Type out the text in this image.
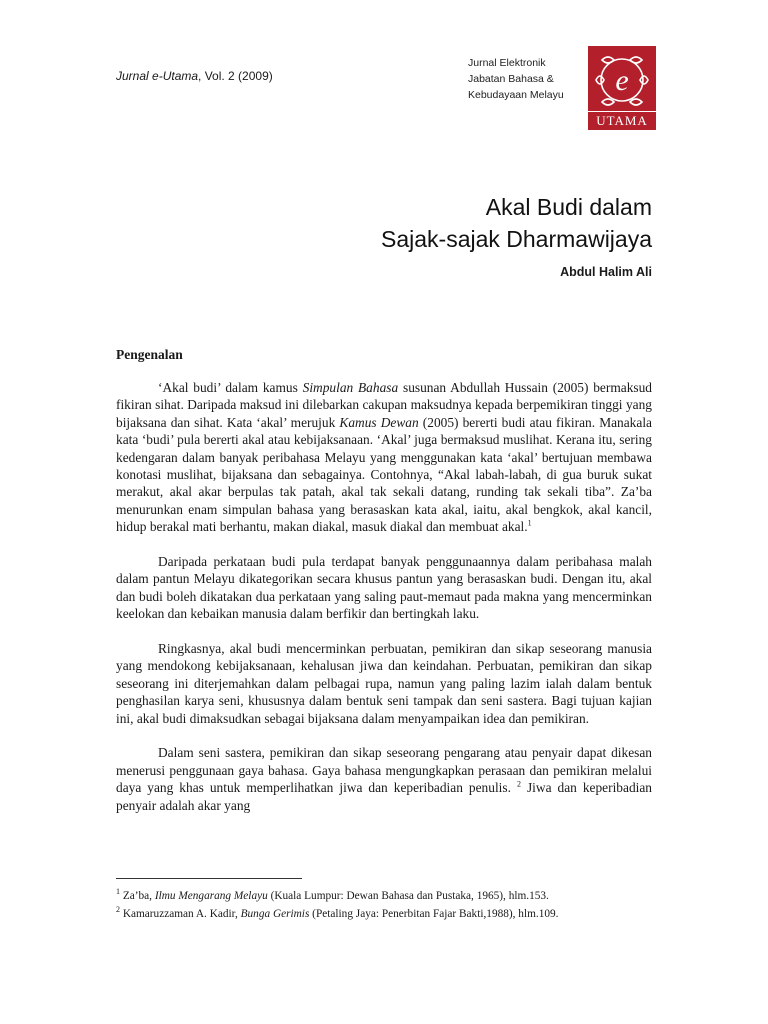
Jurnal e-Utama, Vol. 2 (2009)
Jurnal Elektronik
Jabatan Bahasa &
Kebudayaan Melayu	e
UTAMA
Akal Budi dalam
Sajak-sajak Dharmawijaya
Abdul Halim Ali
Pengenalan

‘Akal budi’ dalam kamus Simpulan Bahasa susunan Abdullah Hussain (2005) bermaksud fikiran sihat. Daripada maksud ini dilebarkan cakupan maksudnya kepada berpemikiran tinggi yang bijaksana dan sihat. Kata ‘akal’ merujuk Kamus Dewan (2005) bererti budi atau fikiran. Manakala kata ‘budi’ pula bererti akal atau kebijaksanaan. ‘Akal’ juga bermaksud muslihat. Kerana itu, sering kedengaran dalam banyak peribahasa Melayu yang menggunakan kata ‘akal’ bertujuan membawa konotasi muslihat, bijaksana dan sebagainya. Contohnya, “Akal labah-labah, di gua buruk sukat merakut, akal akar berpulas tak patah, akal tak sekali datang, runding tak sekali tiba”. Za’ba menurunkan enam simpulan bahasa yang berasaskan kata akal, iaitu, akal bengkok, akal kancil, hidup berakal mati berhantu, makan diakal, masuk diakal dan membuat akal.$^1$

Daripada perkataan budi pula terdapat banyak penggunaannya dalam peribahasa malah dalam pantun Melayu dikategorikan secara khusus pantun yang berasaskan budi. Dengan itu, akal dan budi boleh dikatakan dua perkataan yang saling paut-memaut pada makna yang mencerminkan keelokan dan kebaikan manusia dalam berfikir dan bertingkah laku.

Ringkasnya, akal budi mencerminkan perbuatan, pemikiran dan sikap seseorang manusia yang mendokong kebijaksanaan, kehalusan jiwa dan keindahan. Perbuatan, pemikiran dan sikap seseorang ini diterjemahkan dalam pelbagai rupa, namun yang paling lazim ialah dalam bentuk penghasilan karya seni, khususnya dalam bentuk seni tampak dan seni sastera. Bagi tujuan kajian ini, akal budi dimaksudkan sebagai bijaksana dalam menyampaikan idea dan pemikiran.

Dalam seni sastera, pemikiran dan sikap seseorang pengarang atau penyair dapat dikesan menerusi penggunaan gaya bahasa. Gaya bahasa mengungkapkan perasaan dan pemikiran melalui daya yang khas untuk memperlihatkan jiwa dan keperibadian penulis. $^2$ Jiwa dan keperibadian penyair adalah akar yang

$^1$ Za’ba, Ilmu Mengarang Melayu (Kuala Lumpur: Dewan Bahasa dan Pustaka, 1965), hlm.153.
$^2$ Kamaruzzaman A. Kadir, Bunga Gerimis (Petaling Jaya: Penerbitan Fajar Bakti,1988), hlm.109.
